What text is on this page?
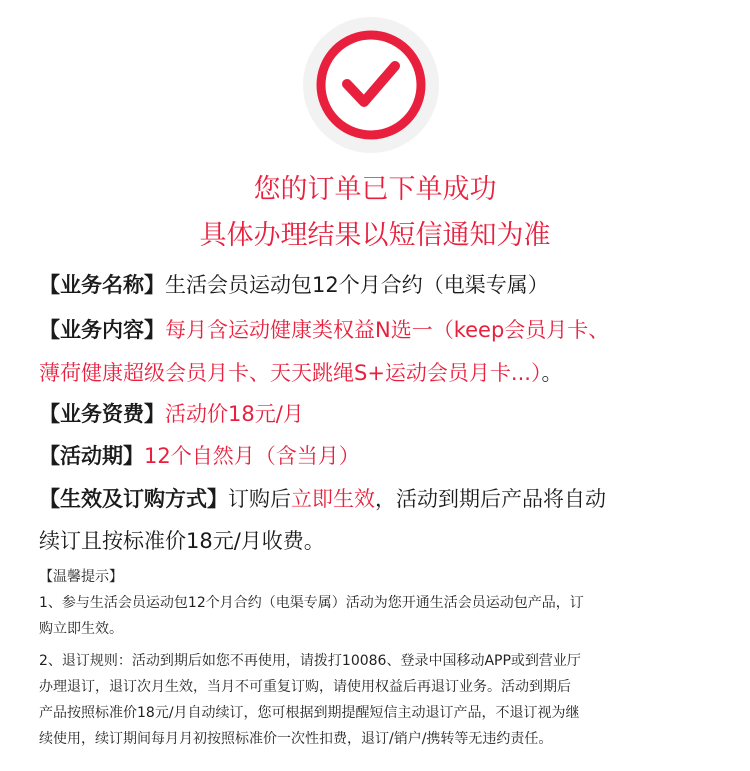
您的订单已下单成功
具体办理结果以短信通知为准
【业务名称】生活会员运动包12个月合约（电渠专属）
【业务内容】每月含运动健康类权益N选一（keep会员月卡、
薄荷健康超级会员月卡、天天跳绳S+运动会员月卡...）。
【业务资费】活动价18元/月
【活动期】12个自然月（含当月）
【生效及订购方式】订购后立即生效，活动到期后产品将自动
续订且按标准价18元/月收费。
【温馨提示】
1、参与生活会员运动包12个月合约（电渠专属）活动为您开通生活会员运动包产品，订
购立即生效。
2、退订规则：活动到期后如您不再使用，请拨打10086、登录中国移动APP或到营业厅
办理退订，退订次月生效，当月不可重复订购，请使用权益后再退订业务。活动到期后
产品按照标准价18元/月自动续订，您可根据到期提醒短信主动退订产品，不退订视为继
续使用，续订期间每月月初按照标准价一次性扣费，退订/销户/携转等无违约责任。
